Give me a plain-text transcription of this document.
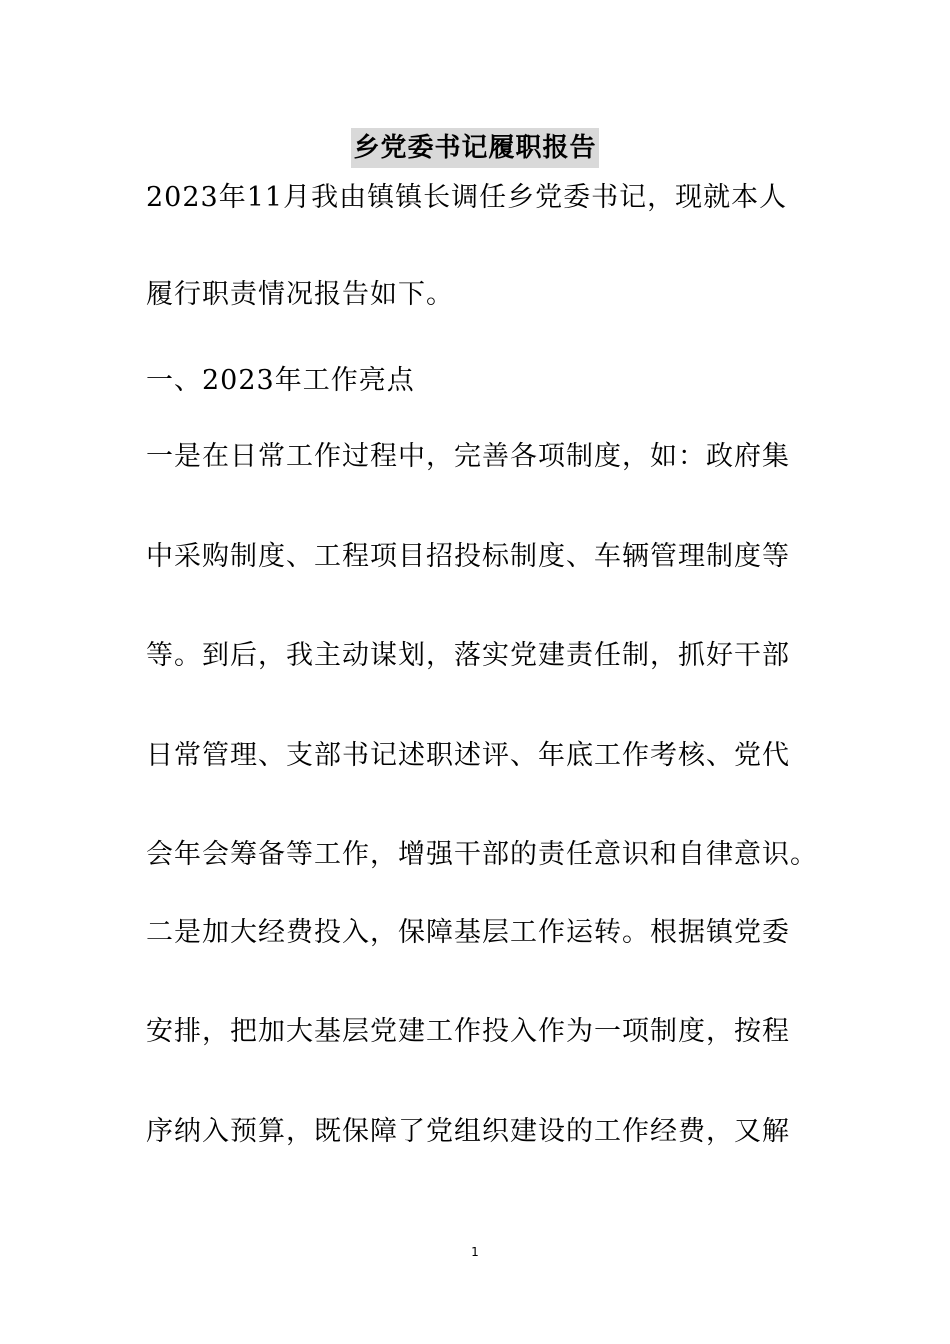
乡党委书记履职报告
2023年11月我由镇镇长调任乡党委书记，现就本人
履行职责情况报告如下。
一、2023年工作亮点
一是在日常工作过程中，完善各项制度，如：政府集
中采购制度、工程项目招投标制度、车辆管理制度等
等。到后，我主动谋划，落实党建责任制，抓好干部
日常管理、支部书记述职述评、年底工作考核、党代
会年会筹备等工作，增强干部的责任意识和自律意识。
二是加大经费投入，保障基层工作运转。根据镇党委
安排，把加大基层党建工作投入作为一项制度，按程
序纳入预算，既保障了党组织建设的工作经费，又解
1
